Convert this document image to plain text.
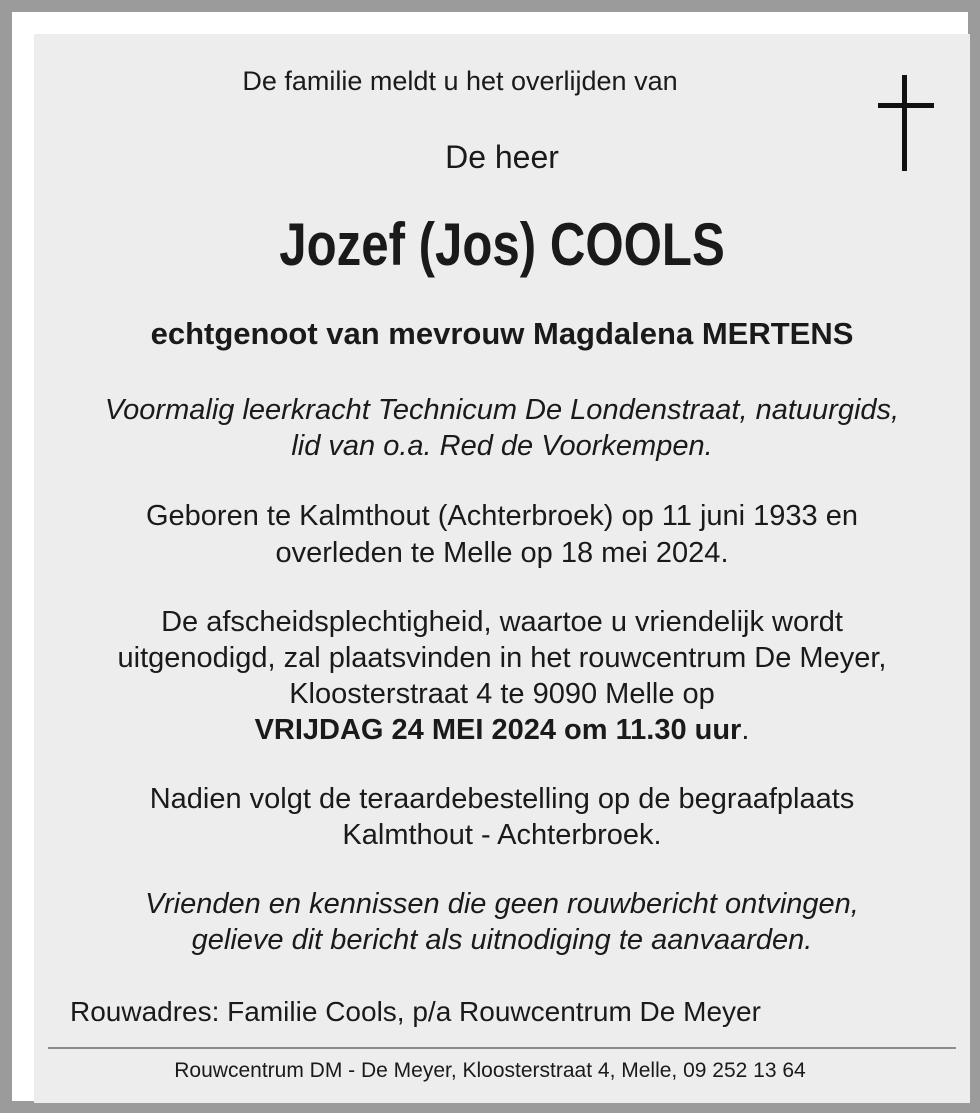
De familie meldt u het overlijden van
De heer
Jozef (Jos) COOLS
echtgenoot van mevrouw Magdalena MERTENS
Voormalig leerkracht Technicum De Londenstraat, natuurgids,
lid van o.a. Red de Voorkempen.
Geboren te Kalmthout (Achterbroek) op 11 juni 1933 en
overleden te Melle op 18 mei 2024.
De afscheidsplechtigheid, waartoe u vriendelijk wordt
uitgenodigd, zal plaatsvinden in het rouwcentrum De Meyer,
Kloosterstraat 4 te 9090 Melle op
VRIJDAG 24 MEI 2024 om 11.30 uur.
Nadien volgt de teraardebestelling op de begraafplaats
Kalmthout - Achterbroek.
Vrienden en kennissen die geen rouwbericht ontvingen,
gelieve dit bericht als uitnodiging te aanvaarden.
Rouwadres: Familie Cools, p/a Rouwcentrum De Meyer
Rouwcentrum DM - De Meyer, Kloosterstraat 4, Melle, 09 252 13 64
